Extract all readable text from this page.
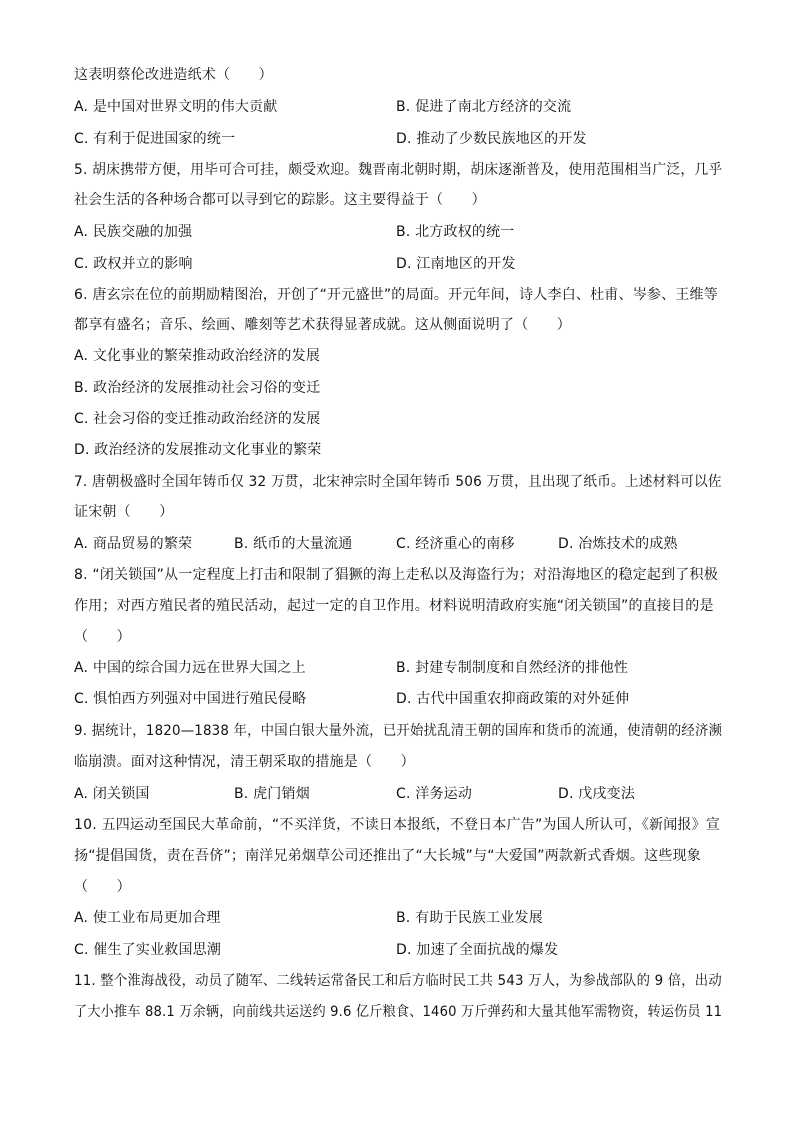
这表明蔡伦改进造纸术（　　）
A. 是中国对世界文明的伟大贡献	B. 促进了南北方经济的交流
C. 有利于促进国家的统一	D. 推动了少数民族地区的开发
5. 胡床携带方便，用毕可合可挂，颇受欢迎。魏晋南北朝时期，胡床逐渐普及，使用范围相当广泛，几乎
社会生活的各种场合都可以寻到它的踪影。这主要得益于（　　）
A. 民族交融的加强	B. 北方政权的统一
C. 政权并立的影响	D. 江南地区的开发
6. 唐玄宗在位的前期励精图治，开创了“开元盛世”的局面。开元年间，诗人李白、杜甫、岑参、王维等
都享有盛名；音乐、绘画、雕刻等艺术获得显著成就。这从侧面说明了（　　）
A. 文化事业的繁荣推动政治经济的发展
B. 政治经济的发展推动社会习俗的变迁
C. 社会习俗的变迁推动政治经济的发展
D. 政治经济的发展推动文化事业的繁荣
7. 唐朝极盛时全国年铸币仅 32 万贯，北宋神宗时全国年铸币 506 万贯，且出现了纸币。上述材料可以佐
证宋朝（　　）
A. 商品贸易的繁荣	B. 纸币的大量流通	C. 经济重心的南移	D. 冶炼技术的成熟
8. “闭关锁国”从一定程度上打击和限制了猖獗的海上走私以及海盗行为；对沿海地区的稳定起到了积极
作用；对西方殖民者的殖民活动，起过一定的自卫作用。材料说明清政府实施“闭关锁国”的直接目的是
（　　）
A. 中国的综合国力远在世界大国之上	B. 封建专制制度和自然经济的排他性
C. 惧怕西方列强对中国进行殖民侵略	D. 古代中国重农抑商政策的对外延伸
9. 据统计，1820—1838 年，中国白银大量外流，已开始扰乱清王朝的国库和货币的流通，使清朝的经济濒
临崩溃。面对这种情况，清王朝采取的措施是（　　）
A. 闭关锁国	B. 虎门销烟	C. 洋务运动	D. 戊戌变法
10. 五四运动至国民大革命前，“不买洋货，不读日本报纸，不登日本广告”为国人所认可，《新闻报》宣
扬“提倡国货，责在吾侪”；南洋兄弟烟草公司还推出了“大长城”与“大爱国”两款新式香烟。这些现象
（　　）
A. 使工业布局更加合理	B. 有助于民族工业发展
C. 催生了实业救国思潮	D. 加速了全面抗战的爆发
11. 整个淮海战役，动员了随军、二线转运常备民工和后方临时民工共 543 万人，为参战部队的 9 倍，出动
了大小推车 88.1 万余辆，向前线共运送约 9.6 亿斤粮食、1460 万斤弹药和大量其他军需物资，转运伤员 11
